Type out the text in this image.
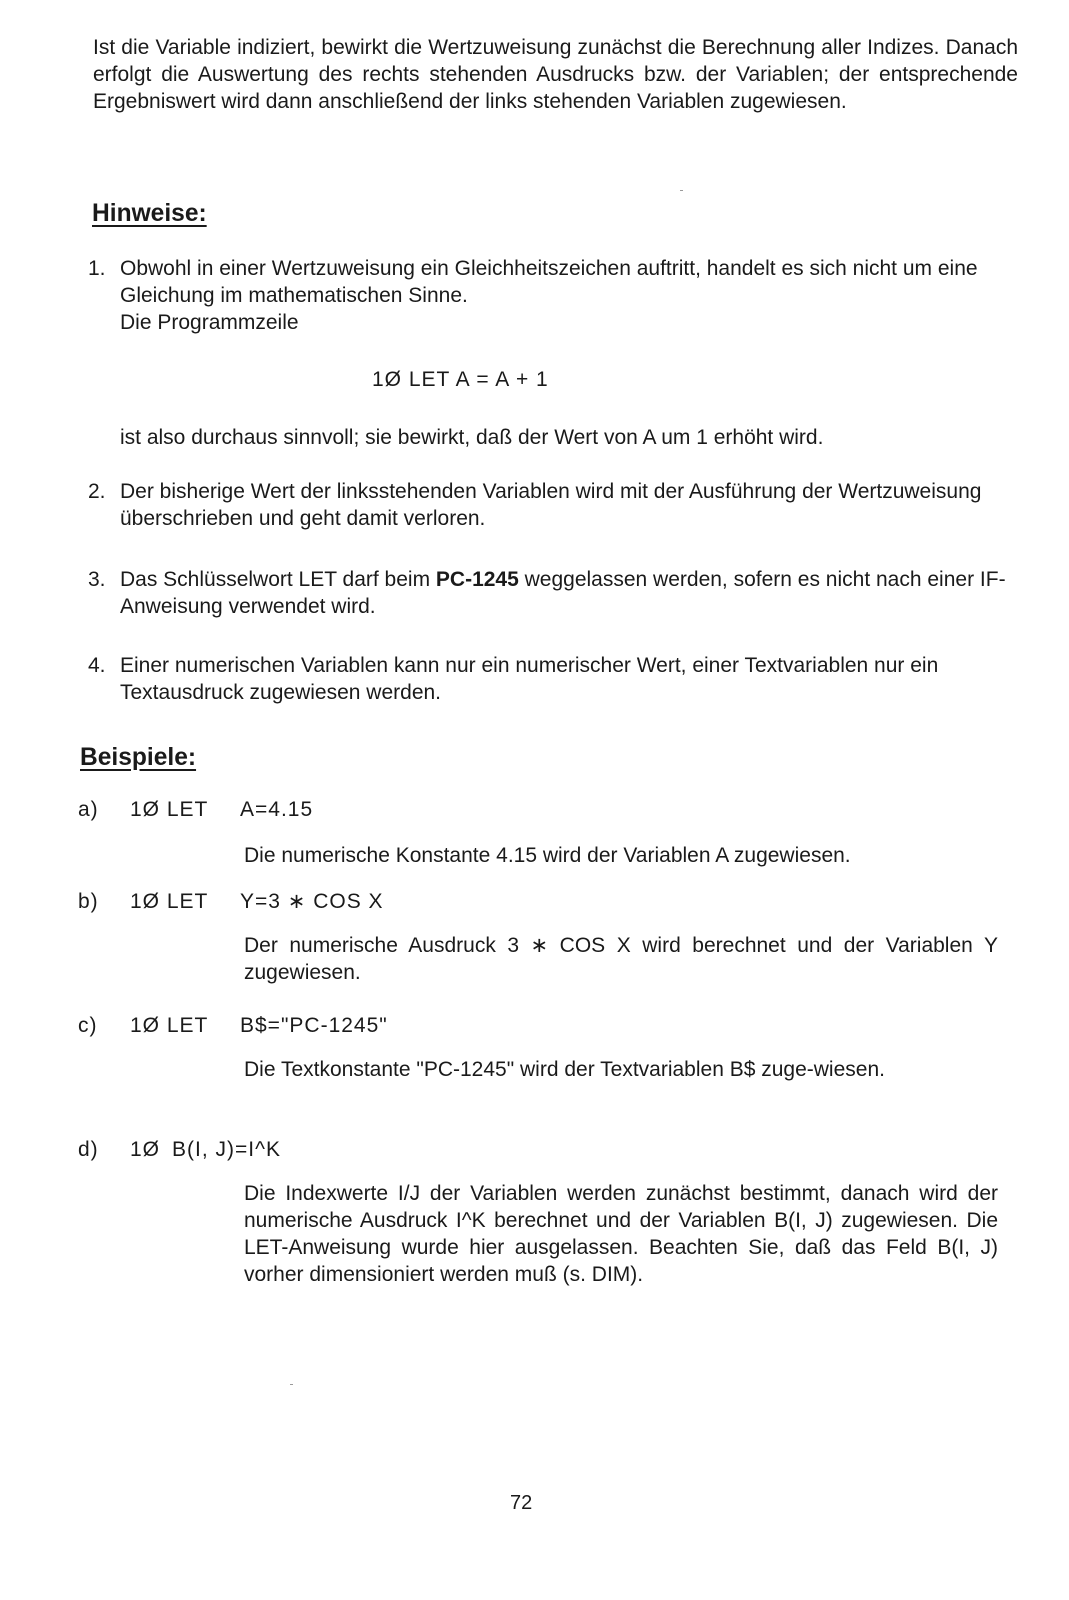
Ist die Variable indiziert, bewirkt die Wertzuweisung zunächst die Berechnung aller Indizes. Danach erfolgt die Auswertung des rechts stehenden Ausdrucks bzw. der Variablen; der entsprechende Ergebniswert wird dann anschließend der links stehenden Variablen zugewiesen.

Hinweise:
1. Obwohl in einer Wertzuweisung ein Gleichheitszeichen auftritt, handelt es sich nicht um eine Gleichung im mathematischen Sinne.
Die Programmzeile
1Ø LET A = A + 1
ist also durchaus sinnvoll; sie bewirkt, daß der Wert von A um 1 erhöht wird.
2. Der bisherige Wert der linksstehenden Variablen wird mit der Ausführung der Wertzuweisung überschrieben und geht damit verloren.
3. Das Schlüsselwort LET darf beim PC-1245 weggelassen werden, sofern es nicht nach einer IF-Anweisung verwendet wird.
4. Einer numerischen Variablen kann nur ein numerischer Wert, einer Textvariablen nur ein Textausdruck zugewiesen werden.
Beispiele:
a) 1Ø LET A=4.15
Die numerische Konstante 4.15 wird der Variablen A zugewiesen.
b) 1Ø LET Y=3 ∗ COS X
Der numerische Ausdruck 3 ∗ COS X wird berechnet und der Variablen Y zugewiesen.
c) 1Ø LET B$="PC-1245"
Die Textkonstante "PC-1245" wird der Textvariablen B$ zuge-wiesen.
d) 1Ø B(I, J)=I^K
Die Indexwerte I/J der Variablen werden zunächst bestimmt, danach wird der numerische Ausdruck I^K berechnet und der Variablen B(I, J) zugewiesen. Die LET-Anweisung wurde hier ausgelassen. Beachten Sie, daß das Feld B(I, J) vorher dimensioniert werden muß (s. DIM).
72
